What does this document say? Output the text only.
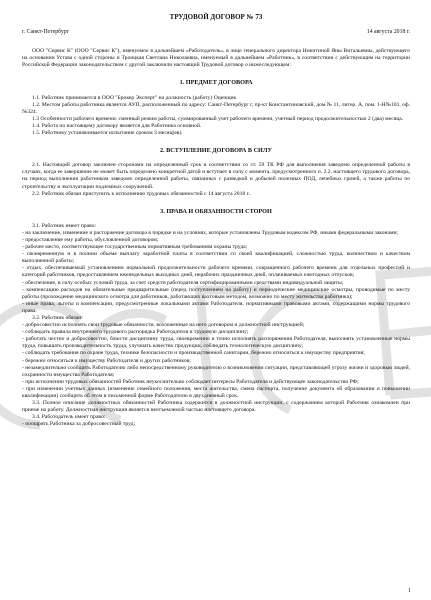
ТРУДОВОЙ ДОГОВОР № 73
г. Санкт-Петербург	14 августа 2018 г.

ООО "Сервис К" (ООО "Сервис К"), именуемое в дальнейшем «Работодатель», в лице генерального директора Никитиной Яны Витальевны, действующего на основании Устава с одной стороны и Троицкая Светлана Николаевна, именуемый в дальнейшем «Работник», в соответствии с действующим на территории Российской Федерации законодательством с другой заключили настоящий Трудовой договор о нижеследующем:

1. ПРЕДМЕТ ДОГОВОРА

1.1. Работник принимается в ООО "Брокер Эксперт" на должность (работу) Оценщик

1.2. Местом работы работника является АУП, расположенный по адресу: Санкт-Петербург г, пр-кт Константиновский, дом № 11, литер. А, пом. 1-Н№101, оф. №324.

1.3 Особенности рабочего времени: сменный режим работы, суммированный учет рабочего времени, учетный период продолжительностью 2 (два) месяца.

1.4. Работа по настоящему договору является для Работника основной.

1.5. Работнику устанавливается испытание сроком 3 месяц(ев).

2. ВСТУПЛЕНИЕ ДОГОВОРА В СИЛУ

2.1. Настоящий договор заключен сторонами на определенный срок в соответствии со ст. 59 ТК РФ для выполнения заведомо определенной работы в случаях, когда ее завершение не может быть определено конкретной датой и вступает в силу с момента, предусмотренного п. 2.2. настоящего трудового договора, на период выполнения работником заведомо определенной работы, связанных с разведкой и добычей полезных ПОД, лечебных грязей, а также работы по строительству и эксплуатации подземных сооружений.

2.2. Работник обязан приступить к исполнению трудовых обязанностей с 14 августа 2018 г..

3. ПРАВА И ОБЯЗАННОСТИ СТОРОН

3.1. Работник имеет право:

- на заключение, изменение и расторжение договора в порядке и на условиях, которые установлены Трудовым кодексом РФ, иными федеральными законами;

- предоставление ему работы, обусловленной договором;

- рабочее место, соответствующее государственным нормативным требованиям охраны труда;

- своевременную и в полном объеме выплату заработной платы в соответствии со своей квалификацией, сложностью труда, количеством и качеством выполненной работы;

- отдых, обеспечиваемый установлением нормальной продолжительности рабочего времени, сокращенного рабочего времени для отдельных профессий и категорий работников, предоставлением еженедельных выходных дней, нерабочих праздничных дней, оплачиваемых ежегодных отпусков;

- обеспечение, в силу особых условий труда, за счет средств работодателя сертифицированными средствами индивидуальной защиты;

- компенсацию расходов на обязательные предварительные (перед поступлением на работу) и периодические медицинские осмотры, проводимые по месту работы (прохождение медицинского осмотра для работников, работающих вахтовым методом, возможно по месту жительства работника);

- иные права, льготы и компенсации, предусмотренные локальными актами Работодателя, нормативными правовыми актами, содержащими нормы трудового права.

3.2. Работник обязан:

- добросовестно исполнять свои трудовые обязанности, возложенные на него договором и должностной инструкцией;

- соблюдать правила внутреннего трудового распорядка Работодателя и трудовую дисциплину;

- работать честно и добросовестно, блюсти дисциплину труда, своевременно и точно исполнять распоряжения Работодателя, выполнять установленные нормы труда, повышать производительность труда, улучшать качество продукции, соблюдать технологическую дисциплину;

- соблюдать требования по охране труда, технике безопасности и производственной санитарии, бережно относиться к имуществу предприятия;

- бережно относиться к имуществу Работодателя и других работников;

- незамедлительно сообщить Работодателю либо непосредственному руководителю о возникновении ситуации, представляющей угрозу жизни и здоровью людей, сохранности имущества Работодателя;

- при исполнении трудовых обязанностей Работник неукоснительно соблюдает интересы Работодателя и действующее законодательство РФ;

- при изменении учетных данных (изменение семейного положения, места жительства, смена паспорта, получение документа об образовании и повышении квалификации) сообщить об этом в письменной форме Работодателю в двухдневный срок.

3.3. Полное описание должностных обязанностей Работника содержится в должностной инструкции, с содержанием которой Работник ознакомлен при приеме на работу. Должностная инструкция является неотъемлемой частью настоящего договора.

3.4. Работодатель имеет право:

- поощрять Работника за добросовестный труд;

1
